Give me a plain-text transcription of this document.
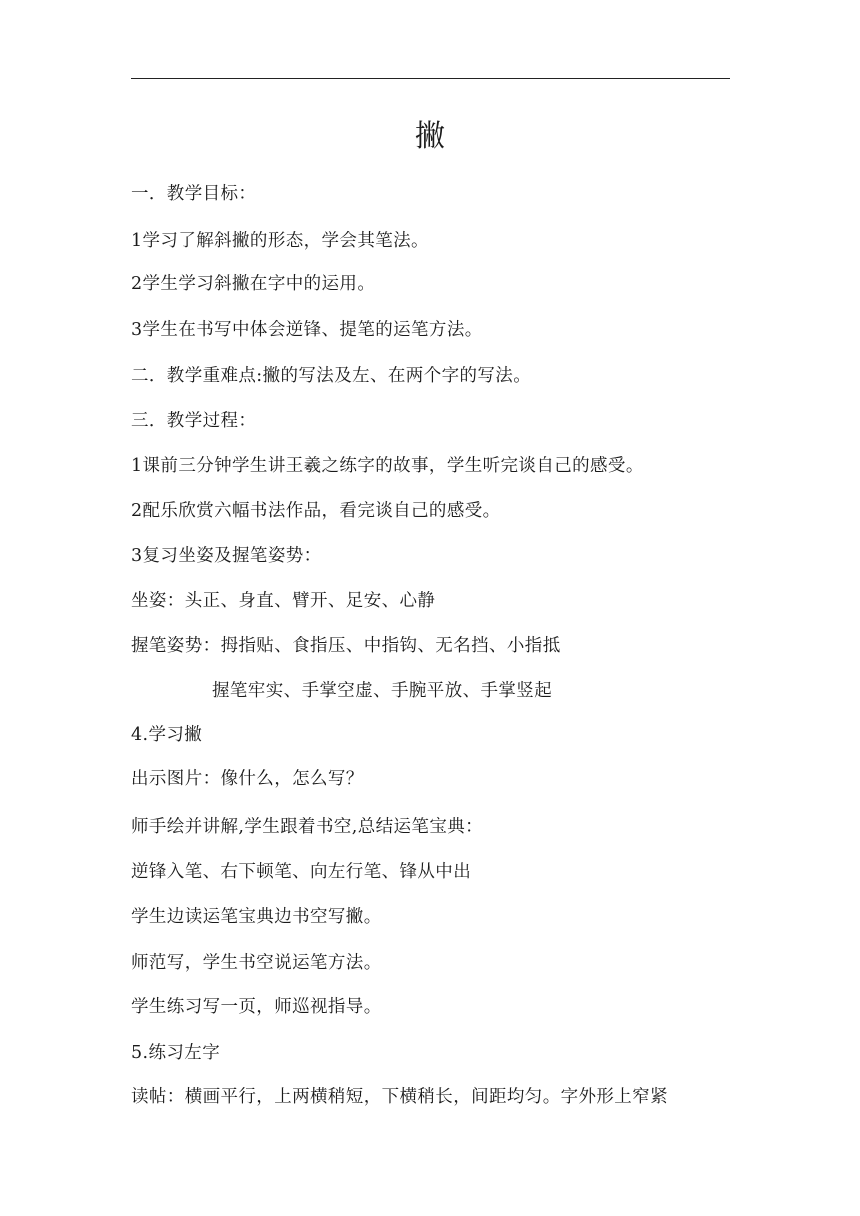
撇
一．教学目标：
1学习了解斜撇的形态，学会其笔法。
2学生学习斜撇在字中的运用。
3学生在书写中体会逆锋、提笔的运笔方法。
二．教学重难点:撇的写法及左、在两个字的写法。
三．教学过程：
1课前三分钟学生讲王羲之练字的故事，学生听完谈自己的感受。
2配乐欣赏六幅书法作品，看完谈自己的感受。
3复习坐姿及握笔姿势：
坐姿：头正、身直、臂开、足安、心静
握笔姿势：拇指贴、食指压、中指钩、无名挡、小指抵
握笔牢实、手掌空虚、手腕平放、手掌竖起
4.学习撇
出示图片：像什么，怎么写？
师手绘并讲解,学生跟着书空,总结运笔宝典：
逆锋入笔、右下顿笔、向左行笔、锋从中出
学生边读运笔宝典边书空写撇。
师范写，学生书空说运笔方法。
学生练习写一页，师巡视指导。
5.练习左字
读帖：横画平行，上两横稍短，下横稍长，间距均匀。字外形上窄紧
